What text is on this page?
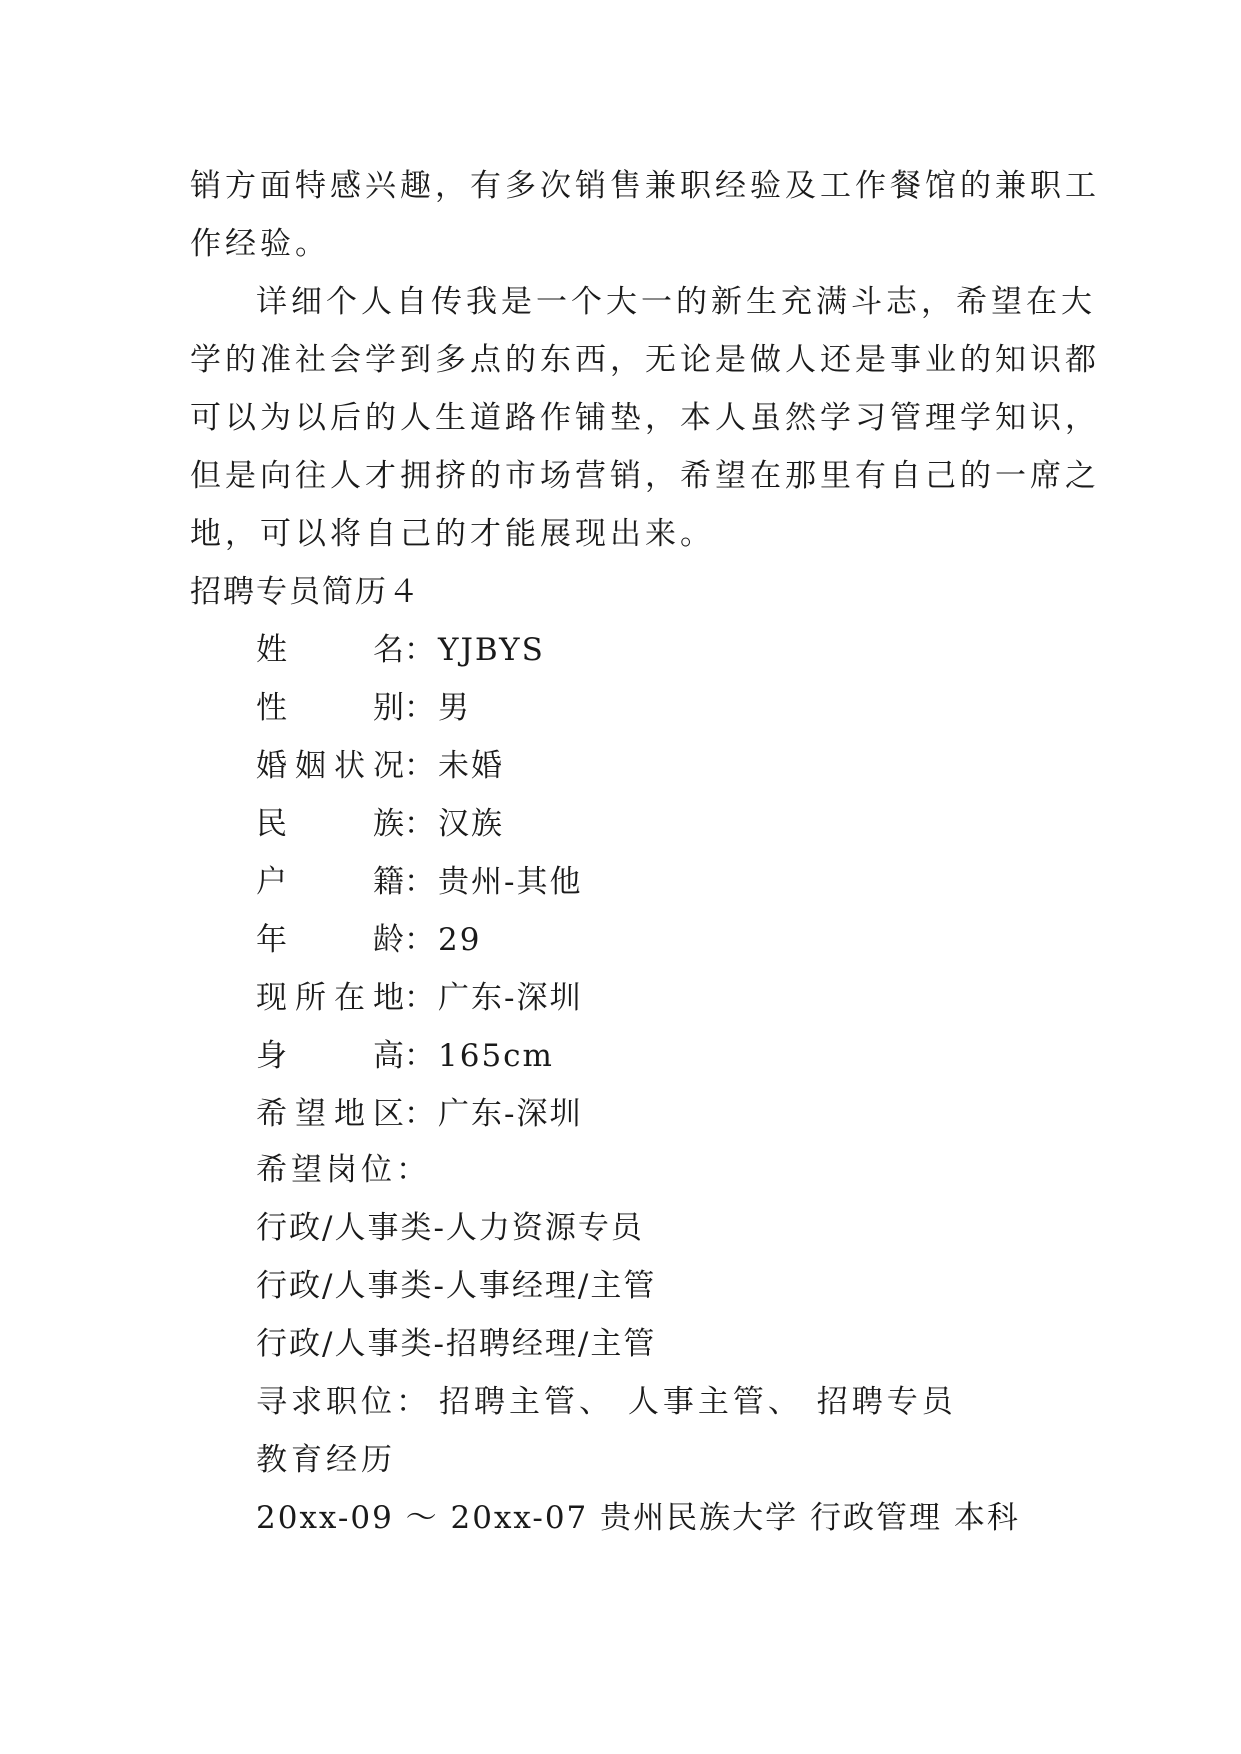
销方面特感兴趣，有多次销售兼职经验及工作餐馆的兼职工
作经验。
详细个人自传我是一个大一的新生充满斗志，希望在大
学的准社会学到多点的东西，无论是做人还是事业的知识都
可以为以后的人生道路作铺垫，本人虽然学习管理学知识，
但是向往人才拥挤的市场营销，希望在那里有自己的一席之
地，可以将自己的才能展现出来。
招聘专员简历４
姓	名 ： YJBYS
性	别 ： 男
婚 姻 状 况 ： 未婚
民	族 ： 汉族
户	籍 ： 贵州-其他
年	龄 ： 29
现 所 在 地 ： 广东-深圳
身	高 ： 165cm
希 望 地 区 ： 广东-深圳
希望岗位：
行政/人事类-人力资源专员
行政/人事类-人事经理/主管
行政/人事类-招聘经理/主管
寻求职位： 招聘主管、 人事主管、 招聘专员
教育经历
20xx-09 ～ 20xx-07 贵州民族大学 行政管理 本科
